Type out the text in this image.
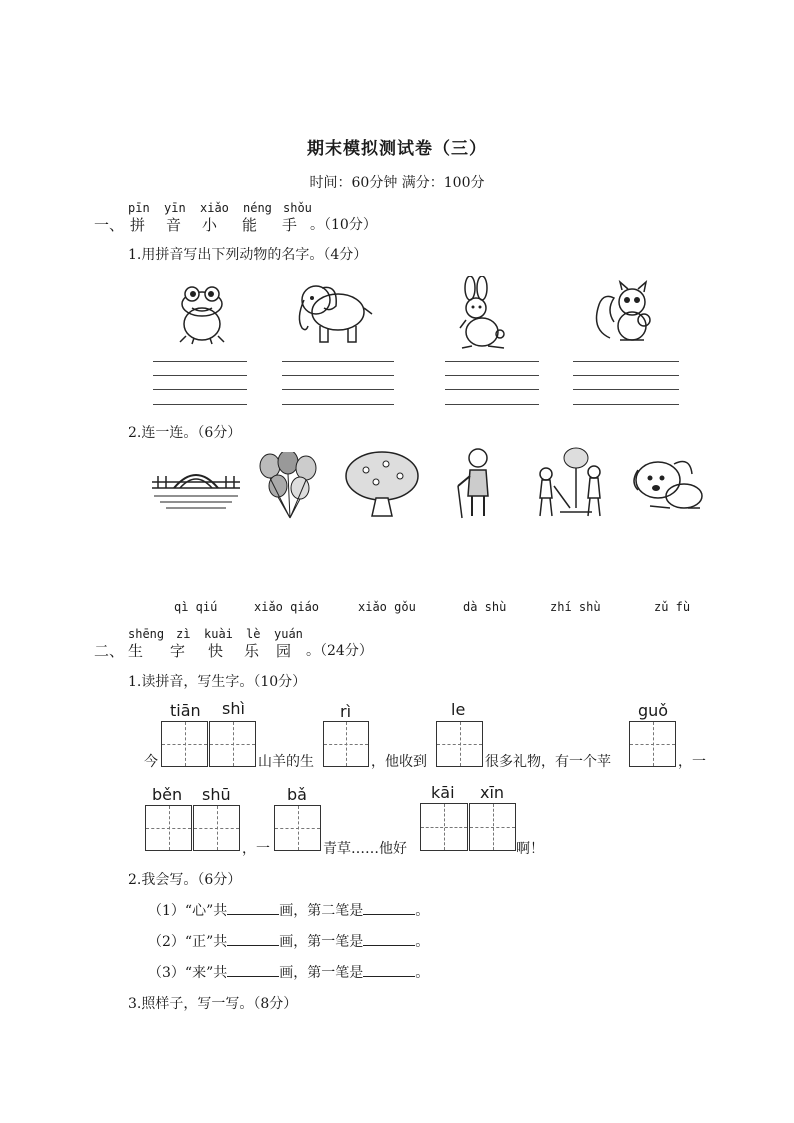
期末模拟测试卷（三）
时间：60分钟 满分：100分
pīn yīn xiǎo néng shǒu
一、 拼 音 小 能 手 。（10分）
1.用拼音写出下列动物的名字。（4分）
2.连一连。（6分）
qì qiú	xiǎo qiáo	xiǎo gǒu	dà shù	zhí shù	zǔ fù
shēng zì kuài lè yuán
二、 生 字 快 乐 园 。（24分）
1.读拼音，写生字。（10分）
tiān shì	rì	le	guǒ
今	山羊的生	，他收到	很多礼物，有一个苹	，一
běn shū	bǎ	kāi xīn
，一	青草……他好	啊！
2.我会写。（6分）
（1）“心”共	画，第二笔是	。
（2）“正”共	画，第一笔是	。
（3）“来”共	画，第一笔是	。
3.照样子，写一写。（8分）
